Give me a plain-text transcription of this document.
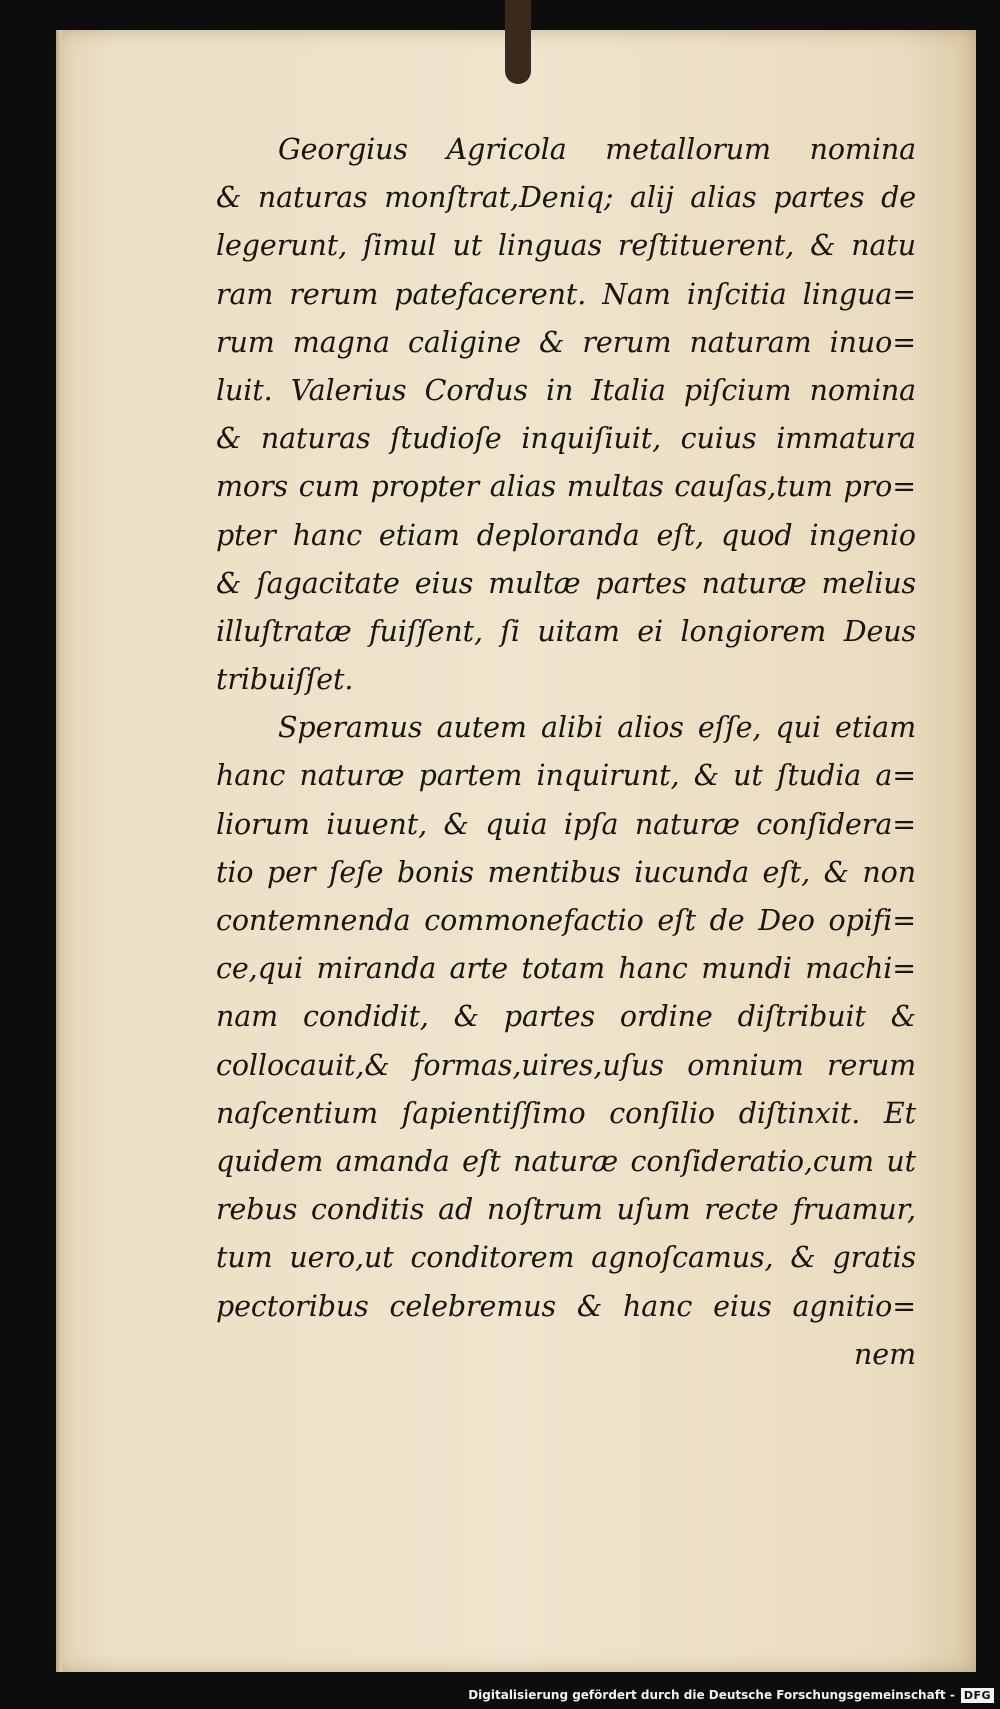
Georgius Agricola metallorum nomina
& naturas monſtrat,Deniq; alij alias partes de
legerunt, ſimul ut linguas reſtituerent, & natu
ram rerum patefacerent. Nam inſcitia lingua=
rum magna caligine & rerum naturam inuo=
luit. Valerius Cordus in Italia piſcium nomina
& naturas ſtudioſe inquiſiuit, cuius immatura
mors cum propter alias multas cauſas,tum pro=
pter hanc etiam deploranda eſt, quod ingenio
& ſagacitate eius multæ partes naturæ melius
illuſtratæ fuiſſent, ſi uitam ei longiorem Deus
tribuiſſet.
Speramus autem alibi alios eſſe, qui etiam
hanc naturæ partem inquirunt, & ut ſtudia a=
liorum iuuent, & quia ipſa naturæ conſidera=
tio per ſeſe bonis mentibus iucunda eſt, & non
contemnenda commonefactio eſt de Deo opifi=
ce,qui miranda arte totam hanc mundi machi=
nam condidit, & partes ordine diſtribuit &
collocauit,& formas,uires,uſus omnium rerum
naſcentium ſapientiſſimo conſilio diſtinxit. Et
quidem amanda eſt naturæ conſideratio,cum ut
rebus conditis ad noſtrum uſum recte fruamur,
tum uero,ut conditorem agnoſcamus, & gratis
pectoribus celebremus & hanc eius agnitio=
nem
Digitalisierung gefördert durch die Deutsche Forschungsgemeinschaft - DFG
